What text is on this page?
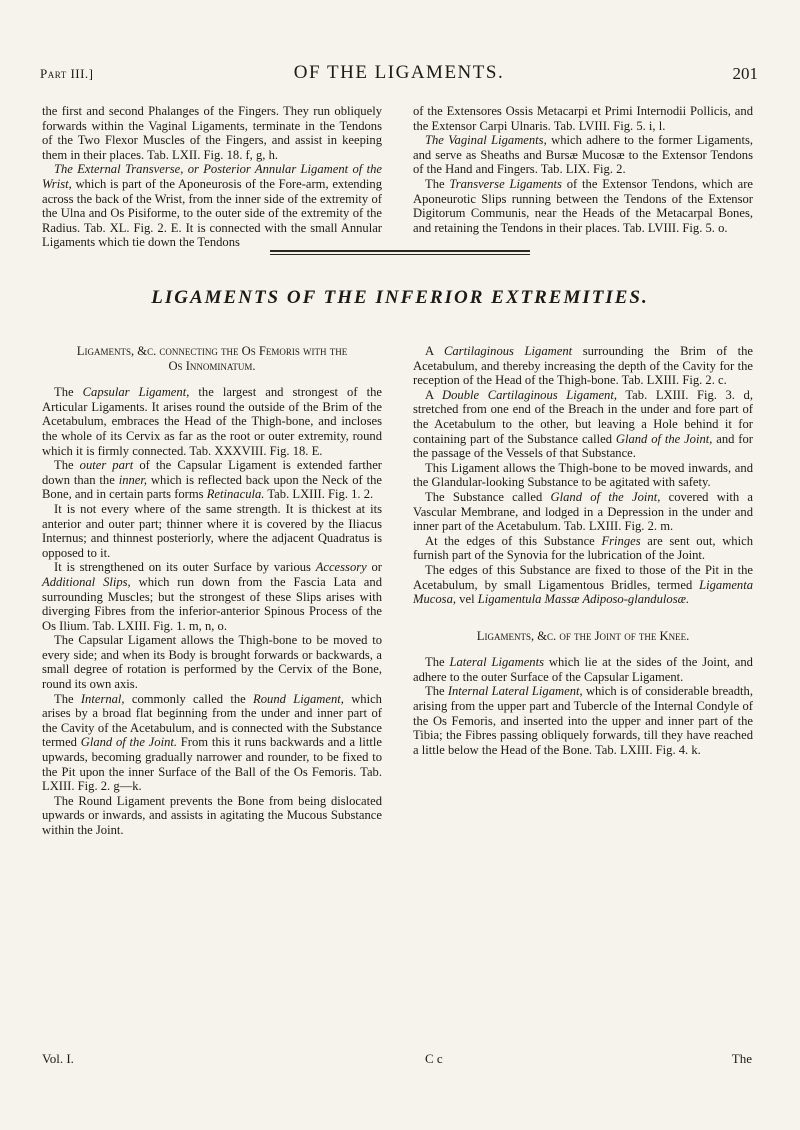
Part III.]	OF THE LIGAMENTS.	201

the first and second Phalanges of the Fingers. They run obliquely forwards within the Vaginal Ligaments, terminate in the Tendons of the Two Flexor Muscles of the Fingers, and assist in keeping them in their places. Tab. LXII. Fig. 18. f, g, h.

The External Transverse, or Posterior Annular Ligament of the Wrist, which is part of the Aponeurosis of the Fore-arm, extending across the back of the Wrist, from the inner side of the extremity of the Ulna and Os Pisiforme, to the outer side of the extremity of the Radius. Tab. XL. Fig. 2. E. It is connected with the small Annular Ligaments which tie down the Tendons

of the Extensores Ossis Metacarpi et Primi Internodii Pollicis, and the Extensor Carpi Ulnaris. Tab. LVIII. Fig. 5. i, l.

The Vaginal Ligaments, which adhere to the former Ligaments, and serve as Sheaths and Bursæ Mucosæ to the Extensor Tendons of the Hand and Fingers. Tab. LIX. Fig. 2.

The Transverse Ligaments of the Extensor Tendons, which are Aponeurotic Slips running between the Tendons of the Extensor Digitorum Communis, near the Heads of the Metacarpal Bones, and retaining the Tendons in their places. Tab. LVIII. Fig. 5. o.

LIGAMENTS OF THE INFERIOR EXTREMITIES.
Ligaments, &c. connecting the Os Femoris with the
Os Innominatum.

The Capsular Ligament, the largest and strongest of the Articular Ligaments. It arises round the outside of the Brim of the Acetabulum, embraces the Head of the Thigh-bone, and incloses the whole of its Cervix as far as the root or outer extremity, round which it is firmly connected. Tab. XXXVIII. Fig. 18. E.

The outer part of the Capsular Ligament is extended farther down than the inner, which is reflected back upon the Neck of the Bone, and in certain parts forms Retinacula. Tab. LXIII. Fig. 1. 2.

It is not every where of the same strength. It is thickest at its anterior and outer part; thinner where it is covered by the Iliacus Internus; and thinnest posteriorly, where the adjacent Quadratus is opposed to it.

It is strengthened on its outer Surface by various Accessory or Additional Slips, which run down from the Fascia Lata and surrounding Muscles; but the strongest of these Slips arises with diverging Fibres from the inferior-anterior Spinous Process of the Os Ilium. Tab. LXIII. Fig. 1. m, n, o.

The Capsular Ligament allows the Thigh-bone to be moved to every side; and when its Body is brought forwards or backwards, a small degree of rotation is performed by the Cervix of the Bone, round its own axis.

The Internal, commonly called the Round Ligament, which arises by a broad flat beginning from the under and inner part of the Cavity of the Acetabulum, and is connected with the Substance termed Gland of the Joint. From this it runs backwards and a little upwards, becoming gradually narrower and rounder, to be fixed to the Pit upon the inner Surface of the Ball of the Os Femoris. Tab. LXIII. Fig. 2. g—k.

The Round Ligament prevents the Bone from being dislocated upwards or inwards, and assists in agitating the Mucous Substance within the Joint.

A Cartilaginous Ligament surrounding the Brim of the Acetabulum, and thereby increasing the depth of the Cavity for the reception of the Head of the Thigh-bone. Tab. LXIII. Fig. 2. c.

A Double Cartilaginous Ligament, Tab. LXIII. Fig. 3. d, stretched from one end of the Breach in the under and fore part of the Acetabulum to the other, but leaving a Hole behind it for containing part of the Substance called Gland of the Joint, and for the passage of the Vessels of that Substance.

This Ligament allows the Thigh-bone to be moved inwards, and the Glandular-looking Substance to be agitated with safety.

The Substance called Gland of the Joint, covered with a Vascular Membrane, and lodged in a Depression in the under and inner part of the Acetabulum. Tab. LXIII. Fig. 2. m.

At the edges of this Substance Fringes are sent out, which furnish part of the Synovia for the lubrication of the Joint.

The edges of this Substance are fixed to those of the Pit in the Acetabulum, by small Ligamentous Bridles, termed Ligamenta Mucosa, vel Ligamentula Massæ Adiposo-glandulosæ.

Ligaments, &c. of the Joint of the Knee.

The Lateral Ligaments which lie at the sides of the Joint, and adhere to the outer Surface of the Capsular Ligament.

The Internal Lateral Ligament, which is of considerable breadth, arising from the upper part and Tubercle of the Internal Condyle of the Os Femoris, and inserted into the upper and inner part of the Tibia; the Fibres passing obliquely forwards, till they have reached a little below the Head of the Bone. Tab. LXIII. Fig. 4. k.

Vol. I.	C c	The
